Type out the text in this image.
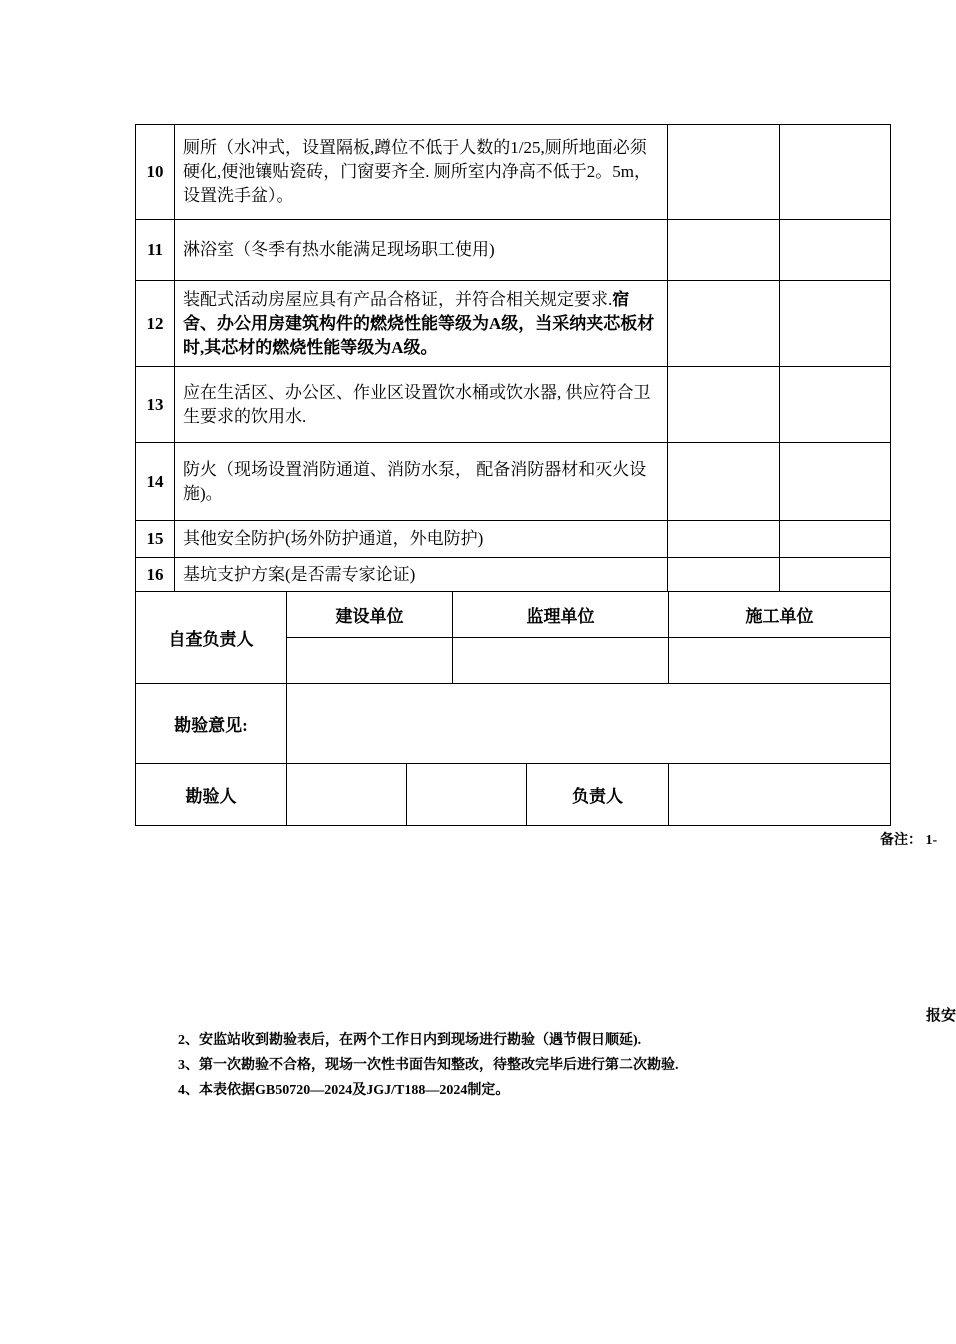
10	厕所（水冲式，设置隔板,蹲位不低于人数的1/25,厕所地面必须硬化,便池镶贴瓷砖，门窗要齐全. 厕所室内净高不低于2。5m，设置洗手盆）。		
11	淋浴室（冬季有热水能满足现场职工使用)		
12	装配式活动房屋应具有产品合格证，并符合相关规定要求.宿舍、办公用房建筑构件的燃烧性能等级为A级，当采纳夹芯板材时,其芯材的燃烧性能等级为A级。		
13	应在生活区、办公区、作业区设置饮水桶或饮水器, 供应符合卫生要求的饮用水.		
14	防火（现场设置消防通道、消防水泵， 配备消防器材和灭火设施)。		
15	其他安全防护(场外防护通道，外电防护)		
16	基坑支护方案(是否需专家论证)		
自查负责人	建设单位		监理单位		施工单位

勘验意见:					
勘验人				负责人	
备注： 1-
报安
2、安监站收到勘验表后，在两个工作日内到现场进行勘验（遇节假日顺延).
3、第一次勘验不合格，现场一次性书面告知整改，待整改完毕后进行第二次勘验.
4、本表依据GB50720—2024及JGJ/T188—2024制定。
